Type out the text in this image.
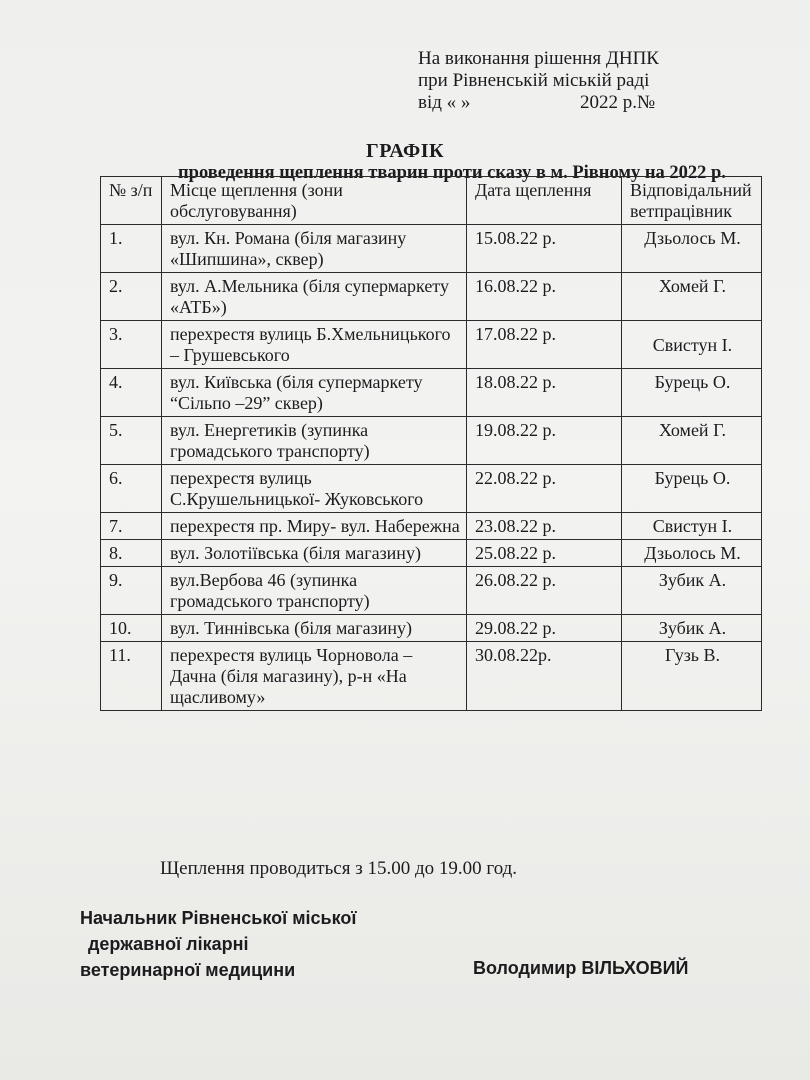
На виконання рішення ДНПК
при Рівненській міській раді
від « »	2022 р.№
ГРАФІК
проведення щеплення тварин проти сказу в м. Рівному на 2022 р.
№ з/п	Місце щеплення (зони обслуговування)	Дата щеплення	Відповідальний ветпрацівник
1.	вул. Кн. Романа (біля магазину «Шипшина», сквер)	15.08.22 р.	Дзьолось М.
2.	вул. А.Мельника (біля супермаркету «АТБ»)	16.08.22 р.	Хомей Г.
3.	перехрестя вулиць Б.Хмельницького – Грушевського	17.08.22 р.	Свистун І.
4.	вул. Київська (біля супермаркету “Сільпо –29” сквер)	18.08.22 р.	Бурець О.
5.	вул. Енергетиків (зупинка громадського транспорту)	19.08.22 р.	Хомей Г.
6.	перехрестя вулиць С.Крушельницької- Жуковського	22.08.22 р.	Бурець О.
7.	перехрестя пр. Миру- вул. Набережна	23.08.22 р.	Свистун І.
8.	вул. Золотіївська (біля магазину)	25.08.22 р.	Дзьолось М.
9.	вул.Вербова 46 (зупинка громадського транспорту)	26.08.22 р.	Зубик А.
10.	вул. Тиннівська (біля магазину)	29.08.22 р.	Зубик А.
11.	перехрестя вулиць Чорновола – Дачна (біля магазину), р-н «На щасливому»	30.08.22р.	Гузь В.
Щеплення проводиться з 15.00 до 19.00 год.
Начальник Рівненської міської
державної лікарні
ветеринарної медицини	Володимир ВІЛЬХОВИЙ
